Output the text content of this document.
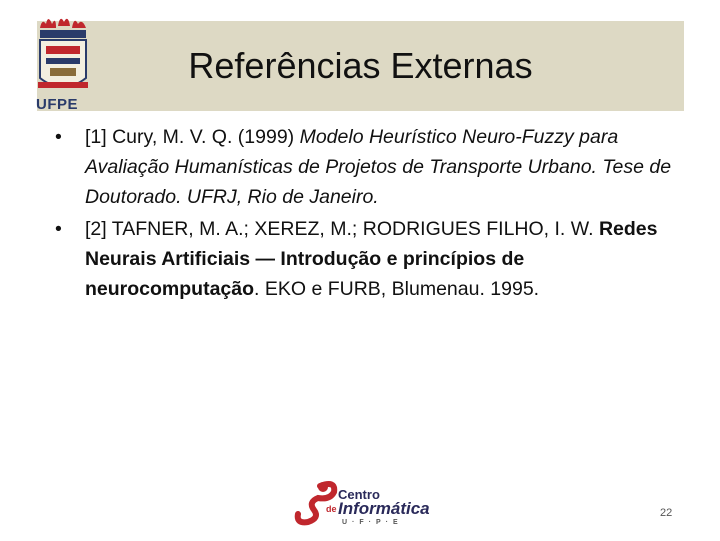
UFPE
Referências Externas
• [1] Cury, M. V. Q. (1999) Modelo Heurístico Neuro-Fuzzy para Avaliação Humanísticas de Projetos de Transporte Urbano. Tese de Doutorado. UFRJ, Rio de Janeiro.
• [2] TAFNER, M. A.; XEREZ, M.; RODRIGUES FILHO, I. W. Redes Neurais Artificiais — Introdução e princípios de neurocomputação. EKO e FURB, Blumenau. 1995.
Centro
de Informática
U·F·P·E
22
